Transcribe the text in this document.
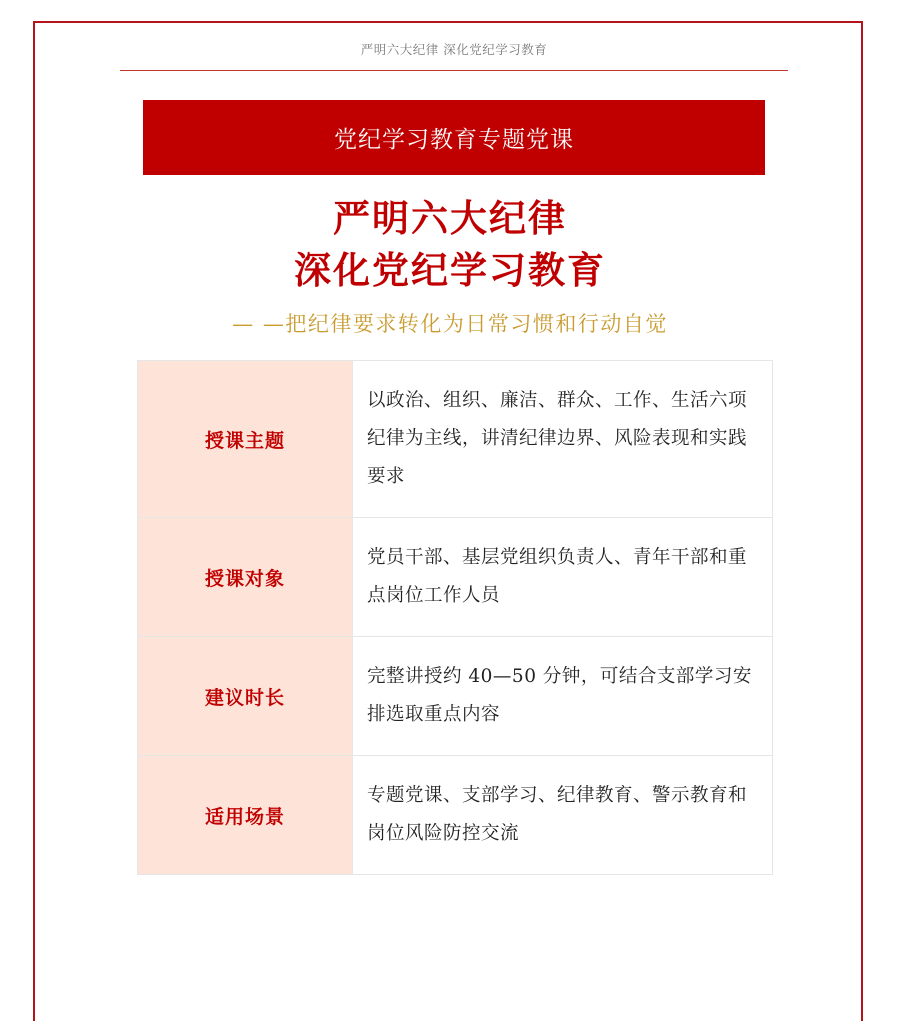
严明六大纪律 深化党纪学习教育
党纪学习教育专题党课
严明六大纪律
深化党纪学习教育
— —把纪律要求转化为日常习惯和行动自觉
授课主题	以政治、组织、廉洁、群众、工作、生活六项纪律为主线，讲清纪律边界、风险表现和实践要求
授课对象	党员干部、基层党组织负责人、青年干部和重点岗位工作人员
建议时长	完整讲授约 40—50 分钟，可结合支部学习安排选取重点内容
适用场景	专题党课、支部学习、纪律教育、警示教育和岗位风险防控交流
